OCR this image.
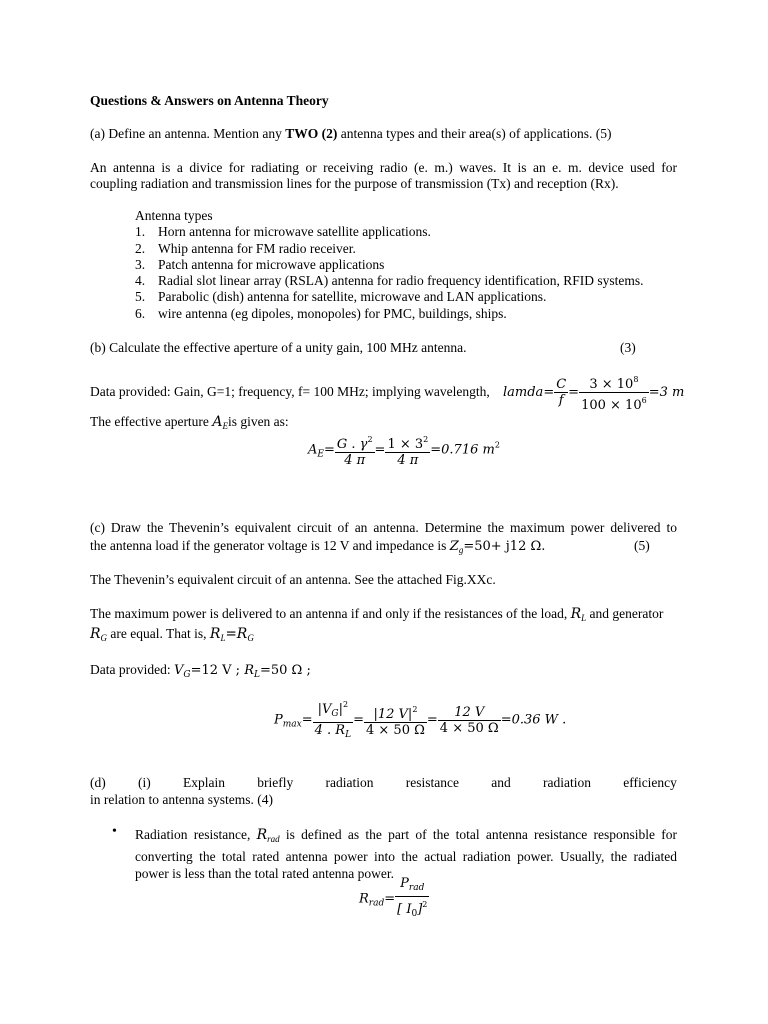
Questions & Answers on Antenna Theory
(a) Define an antenna. Mention any TWO (2) antenna types and their area(s) of applications. (5)
An antenna is a divice for radiating or receiving radio (e. m.) waves. It is an e. m. device used for
coupling radiation and transmission lines for the purpose of transmission (Tx) and reception (Rx).
Antenna types
1. Horn antenna for microwave satellite applications.
2. Whip antenna for FM radio receiver.
3. Patch antenna for microwave applications
4. Radial slot linear array (RSLA) antenna for radio frequency identification, RFID systems.
5. Parabolic (dish) antenna for satellite, microwave and LAN applications.
6. wire antenna (eg dipoles, monopoles) for PMC, buildings, ships.
(b) Calculate the effective aperture of a unity gain, 100 MHz antenna.	(3)
Data provided: Gain, G=1; frequency, f= 100 MHz; implying wavelength, lamda= $\frac{C}{f} = \frac{3 \times 10^8}{100 \times 10^6} =3$ m
The effective aperture $A_Eis$ given as:
$A_E= \frac{G . \gamma^2}{4 \pi} = \frac{1 \times 3^2}{4 \pi} =0.716$ $m^2$
(c) Draw the Thevenin’s equivalent circuit of an antenna. Determine the maximum power delivered to
the antenna load if the generator voltage is 12 V and impedance is $Z_g=50+ j12$ Ω.	(5)
The Thevenin’s equivalent circuit of an antenna. See the attached Fig.XXc.
The maximum power is delivered to an antenna if and only if the resistances of the load, $R_L$ and generator
$R_G$ are equal. That is, $R_L=R_G$
Data provided: $V_G=12$ V ; $R_L=50$ Ω ;
$P_{max}= \frac{|V_G|^2}{4 . R_L} = \frac{|12 V|^2}{4 \times 50 \Omega} = \frac{12 V}{4 \times 50 \Omega} =0.36$ W .
(d) (i) Explain briefly radiation resistance and radiation efficiency
in relation to antenna systems. (4)
• Radiation resistance, $R_{rad}$ is defined as the part of the total antenna resistance responsible for
converting the total rated antenna power into the actual radiation power. Usually, the radiated
power is less than the total rated antenna power.
$R_{rad}= \frac{P_{rad}}{[ I_0]^2}$
